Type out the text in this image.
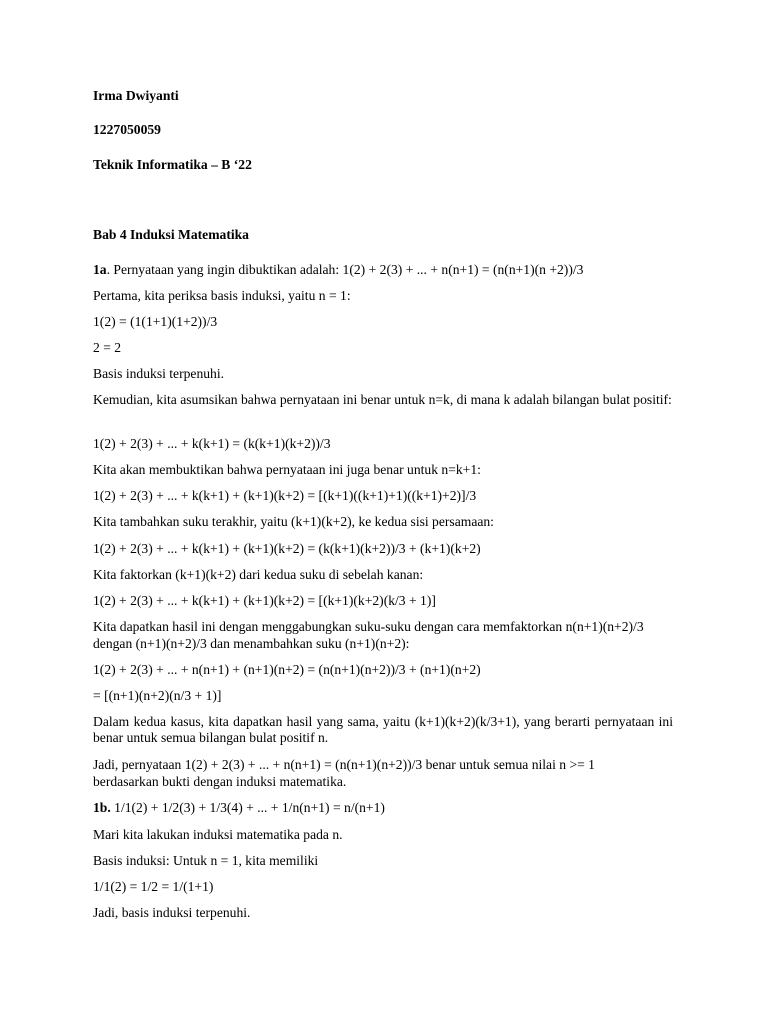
Irma Dwiyanti
1227050059
Teknik Informatika – B ‘22
Bab 4 Induksi Matematika
1a. Pernyataan yang ingin dibuktikan adalah: 1(2) + 2(3) + ... + n(n+1) = (n(n+1)(n +2))/3
Pertama, kita periksa basis induksi, yaitu n = 1:
1(2) = (1(1+1)(1+2))/3
2 = 2
Basis induksi terpenuhi.
Kemudian, kita asumsikan bahwa pernyataan ini benar untuk n=k, di mana k adalah bilangan bulat positif:
1(2) + 2(3) + ... + k(k+1) = (k(k+1)(k+2))/3
Kita akan membuktikan bahwa pernyataan ini juga benar untuk n=k+1:
1(2) + 2(3) + ... + k(k+1) + (k+1)(k+2) = [(k+1)((k+1)+1)((k+1)+2)]/3
Kita tambahkan suku terakhir, yaitu (k+1)(k+2), ke kedua sisi persamaan:
1(2) + 2(3) + ... + k(k+1) + (k+1)(k+2) = (k(k+1)(k+2))/3 + (k+1)(k+2)
Kita faktorkan (k+1)(k+2) dari kedua suku di sebelah kanan:
1(2) + 2(3) + ... + k(k+1) + (k+1)(k+2) = [(k+1)(k+2)(k/3 + 1)]
Kita dapatkan hasil ini dengan menggabungkan suku-suku dengan cara memfaktorkan n(n+1)(n+2)/3
dengan (n+1)(n+2)/3 dan menambahkan suku (n+1)(n+2):
1(2) + 2(3) + ... + n(n+1) + (n+1)(n+2) = (n(n+1)(n+2))/3 + (n+1)(n+2)
= [(n+1)(n+2)(n/3 + 1)]
Dalam kedua kasus, kita dapatkan hasil yang sama, yaitu (k+1)(k+2)(k/3+1), yang berarti pernyataan ini benar untuk semua bilangan bulat positif n.
Jadi, pernyataan 1(2) + 2(3) + ... + n(n+1) = (n(n+1)(n+2))/3 benar untuk semua nilai n >= 1
berdasarkan bukti dengan induksi matematika.
1b. 1/1(2) + 1/2(3) + 1/3(4) + ... + 1/n(n+1) = n/(n+1)
Mari kita lakukan induksi matematika pada n.
Basis induksi: Untuk n = 1, kita memiliki
1/1(2) = 1/2 = 1/(1+1)
Jadi, basis induksi terpenuhi.
